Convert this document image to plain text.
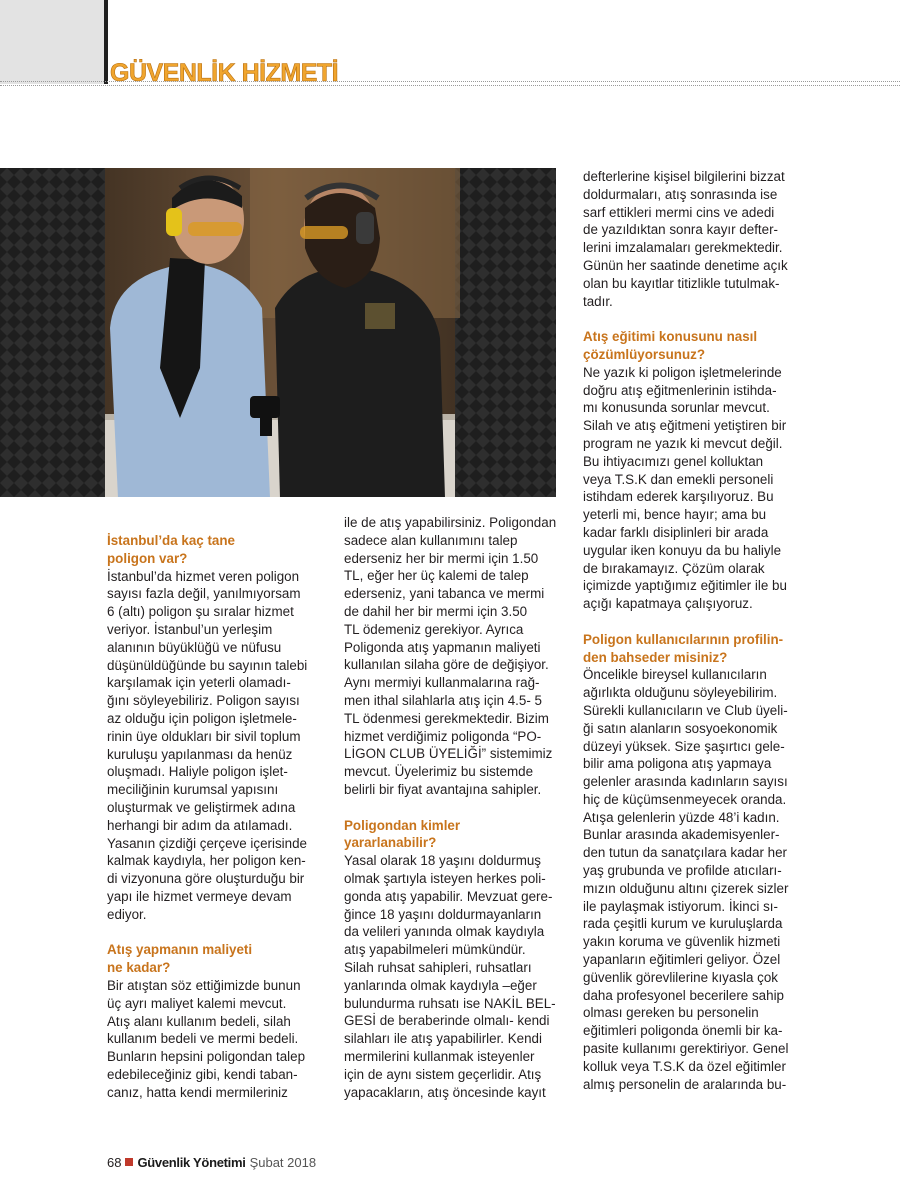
GÜVENLİK HİZMETİ
İstanbul’da kaç tane
poligon var?

İstanbul’da hizmet veren poligon
sayısı fazla değil, yanılmıyorsam
6 (altı) poligon şu sıralar hizmet
veriyor. İstanbul’un yerleşim
alanının büyüklüğü ve nüfusu
düşünüldüğünde bu sayının talebi
karşılamak için yeterli olamadı-
ğını söyleyebiliriz. Poligon sayısı
az olduğu için poligon işletmele-
rinin üye oldukları bir sivil toplum
kuruluşu yapılanması da henüz
oluşmadı. Haliyle poligon işlet-
meciliğinin kurumsal yapısını
oluşturmak ve geliştirmek adına
herhangi bir adım da atılamadı.
Yasanın çizdiği çerçeve içerisinde
kalmak kaydıyla, her poligon ken-
di vizyonuna göre oluşturduğu bir
yapı ile hizmet vermeye devam
ediyor.

Atış yapmanın maliyeti
ne kadar?

Bir atıştan söz ettiğimizde bunun
üç ayrı maliyet kalemi mevcut.
Atış alanı kullanım bedeli, silah
kullanım bedeli ve mermi bedeli.
Bunların hepsini poligondan talep
edebileceğiniz gibi, kendi taban-
canız, hatta kendi mermileriniz

ile de atış yapabilirsiniz. Poligondan
sadece alan kullanımını talep
ederseniz her bir mermi için 1.50
TL, eğer her üç kalemi de talep
ederseniz, yani tabanca ve mermi
de dahil her bir mermi için 3.50
TL ödemeniz gerekiyor. Ayrıca
Poligonda atış yapmanın maliyeti
kullanılan silaha göre de değişiyor.
Aynı mermiyi kullanmalarına rağ-
men ithal silahlarla atış için 4.5- 5
TL ödenmesi gerekmektedir. Bizim
hizmet verdiğimiz poligonda “PO-
LİGON CLUB ÜYELİĞİ” sistemimiz
mevcut. Üyelerimiz bu sistemde
belirli bir fiyat avantajına sahipler.

Poligondan kimler
yararlanabilir?

Yasal olarak 18 yaşını doldurmuş
olmak şartıyla isteyen herkes poli-
gonda atış yapabilir. Mevzuat gere-
ğince 18 yaşını doldurmayanların
da velileri yanında olmak kaydıyla
atış yapabilmeleri mümkündür.
Silah ruhsat sahipleri, ruhsatları
yanlarında olmak kaydıyla –eğer
bulundurma ruhsatı ise NAKİL BEL-
GESİ de beraberinde olmalı- kendi
silahları ile atış yapabilirler. Kendi
mermilerini kullanmak isteyenler
için de aynı sistem geçerlidir. Atış
yapacakların, atış öncesinde kayıt

defterlerine kişisel bilgilerini bizzat
doldurmaları, atış sonrasında ise
sarf ettikleri mermi cins ve adedi
de yazıldıktan sonra kayır defter-
lerini imzalamaları gerekmektedir.
Günün her saatinde denetime açık
olan bu kayıtlar titizlikle tutulmak-
tadır.

Atış eğitimi konusunu nasıl
çözümlüyorsunuz?

Ne yazık ki poligon işletmelerinde
doğru atış eğitmenlerinin istihda-
mı konusunda sorunlar mevcut.
Silah ve atış eğitmeni yetiştiren bir
program ne yazık ki mevcut değil.
Bu ihtiyacımızı genel kolluktan
veya T.S.K dan emekli personeli
istihdam ederek karşılıyoruz. Bu
yeterli mi, bence hayır; ama bu
kadar farklı disiplinleri bir arada
uygular iken konuyu da bu haliyle
de bırakamayız. Çözüm olarak
içimizde yaptığımız eğitimler ile bu
açığı kapatmaya çalışıyoruz.

Poligon kullanıcılarının profilin-
den bahseder misiniz?

Öncelikle bireysel kullanıcıların
ağırlıkta olduğunu söyleyebilirim.
Sürekli kullanıcıların ve Club üyeli-
ği satın alanların sosyoekonomik
düzeyi yüksek. Size şaşırtıcı gele-
bilir ama poligona atış yapmaya
gelenler arasında kadınların sayısı
hiç de küçümsenmeyecek oranda.
Atışa gelenlerin yüzde 48’i kadın.
Bunlar arasında akademisyenler-
den tutun da sanatçılara kadar her
yaş grubunda ve profilde atıcıları-
mızın olduğunu altını çizerek sizler
ile paylaşmak istiyorum. İkinci sı-
rada çeşitli kurum ve kuruluşlarda
yakın koruma ve güvenlik hizmeti
yapanların eğitimleri geliyor. Özel
güvenlik görevlilerine kıyasla çok
daha profesyonel becerilere sahip
olması gereken bu personelin
eğitimleri poligonda önemli bir ka-
pasite kullanımı gerektiriyor. Genel
kolluk veya T.S.K da özel eğitimler
almış personelin de aralarında bu-

68 Güvenlik Yönetimi Şubat 2018
